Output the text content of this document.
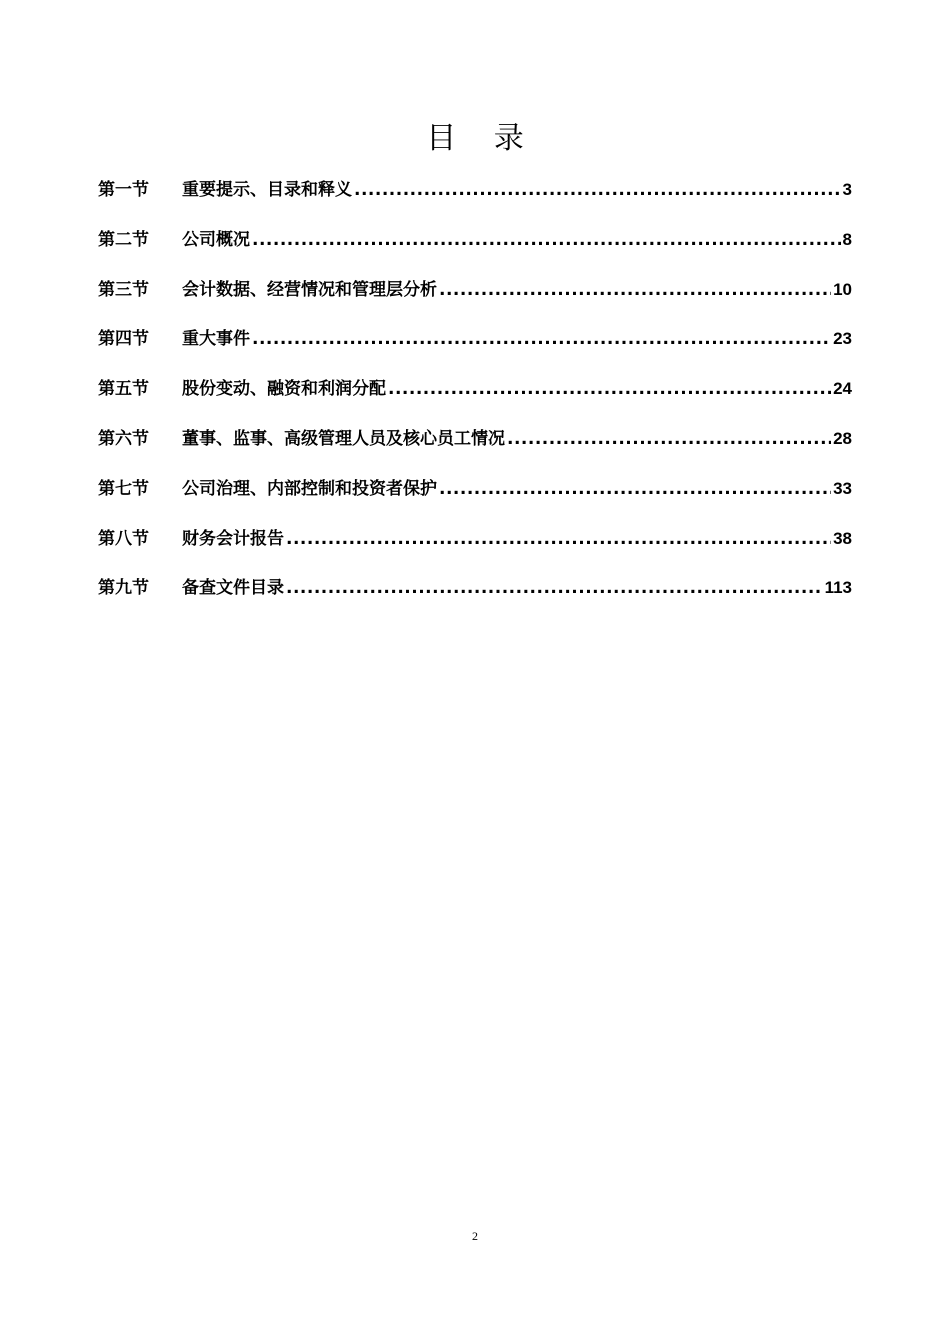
目 录
第一节	重要提示、目录和释义 .....	3
第二节	公司概况 .....	8
第三节	会计数据、经营情况和管理层分析 .....	10
第四节	重大事件 .....	23
第五节	股份变动、融资和利润分配 .....	24
第六节	董事、监事、高级管理人员及核心员工情况 .....	28
第七节	公司治理、内部控制和投资者保护 .....	33
第八节	财务会计报告 .....	38
第九节	备查文件目录 .....	113
2
